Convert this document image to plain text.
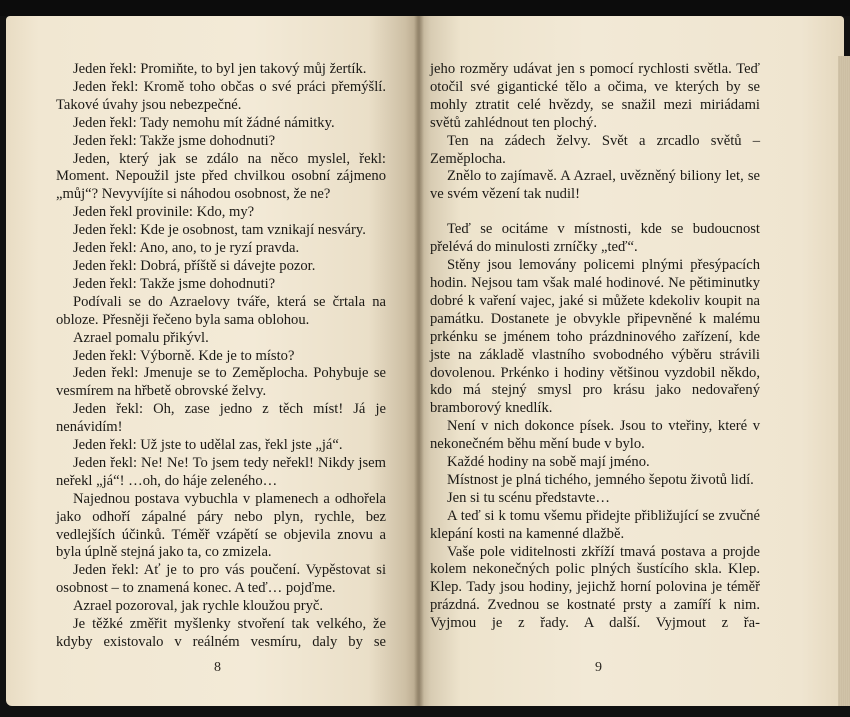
Jeden řekl: Promiňte, to byl jen takový můj žertík.

Jeden řekl: Kromě toho občas o své práci přemýšlí. Takové úvahy jsou nebezpečné.

Jeden řekl: Tady nemohu mít žádné námitky.

Jeden řekl: Takže jsme dohodnuti?

Jeden, který jak se zdálo na něco myslel, řekl: Moment. Nepoužil jste před chvilkou osobní zájmeno „můj“? Nevyvíjíte si náhodou osobnost, že ne?

Jeden řekl provinile: Kdo, my?

Jeden řekl: Kde je osobnost, tam vznikají nesváry.

Jeden řekl: Ano, ano, to je ryzí pravda.

Jeden řekl: Dobrá, příště si dávejte pozor.

Jeden řekl: Takže jsme dohodnuti?

Podívali se do Azraelovy tváře, která se črtala na obloze. Přesněji řečeno byla sama oblohou.

Azrael pomalu přikývl.

Jeden řekl: Výborně. Kde je to místo?

Jeden řekl: Jmenuje se to Zeměplocha. Pohybuje se vesmírem na hřbetě obrovské želvy.

Jeden řekl: Oh, zase jedno z těch míst! Já je nenávidím!

Jeden řekl: Už jste to udělal zas, řekl jste „já“.

Jeden řekl: Ne! Ne! To jsem tedy neřekl! Nikdy jsem neřekl „já“! …oh, do háje zeleného…

Najednou postava vybuchla v plamenech a odhořela jako odhoří zápalné páry nebo plyn, rychle, bez vedlejších účinků. Téměř vzápětí se objevila znovu a byla úplně stejná jako ta, co zmizela.

Jeden řekl: Ať je to pro vás poučení. Vypěstovat si osobnost – to znamená konec. A teď… pojďme.

Azrael pozoroval, jak rychle kloužou pryč.

Je těžké změřit myšlenky stvoření tak velkého, že kdyby existovalo v reálném vesmíru, daly by se

8

jeho rozměry udávat jen s pomocí rychlosti světla. Teď otočil své gigantické tělo a očima, ve kterých by se mohly ztratit celé hvězdy, se snažil mezi miriádami světů zahlédnout ten plochý.

Ten na zádech želvy. Svět a zrcadlo světů – Zeměplocha.

Znělo to zajímavě. A Azrael, uvězněný biliony let, se ve svém vězení tak nudil!

Teď se ocitáme v místnosti, kde se budoucnost přelévá do minulosti zrníčky „teď“.

Stěny jsou lemovány policemi plnými přesýpacích hodin. Nejsou tam však malé hodinové. Ne pětiminutky dobré k vaření vajec, jaké si můžete kdekoliv koupit na památku. Dostanete je obvykle připevněné k malému prkénku se jménem toho prázdninového zařízení, kde jste na základě vlastního svobodného výběru strávili dovolenou. Prkénko i hodiny většinou vyzdobil někdo, kdo má stejný smysl pro krásu jako nedovařený bramborový knedlík.

Není v nich dokonce písek. Jsou to vteřiny, které v nekonečném běhu mění bude v bylo.

Každé hodiny na sobě mají jméno.

Místnost je plná tichého, jemného šepotu životů lidí.

Jen si tu scénu představte…

A teď si k tomu všemu přidejte přibližující se zvučné klepání kosti na kamenné dlažbě.

Vaše pole viditelnosti zkříží tmavá postava a projde kolem nekonečných polic plných šustícího skla. Klep. Klep. Tady jsou hodiny, jejichž horní polovina je téměř prázdná. Zvednou se kostnaté prsty a zamíří k nim. Vyjmou je z řady. A další. Vyjmout z řa-

9
